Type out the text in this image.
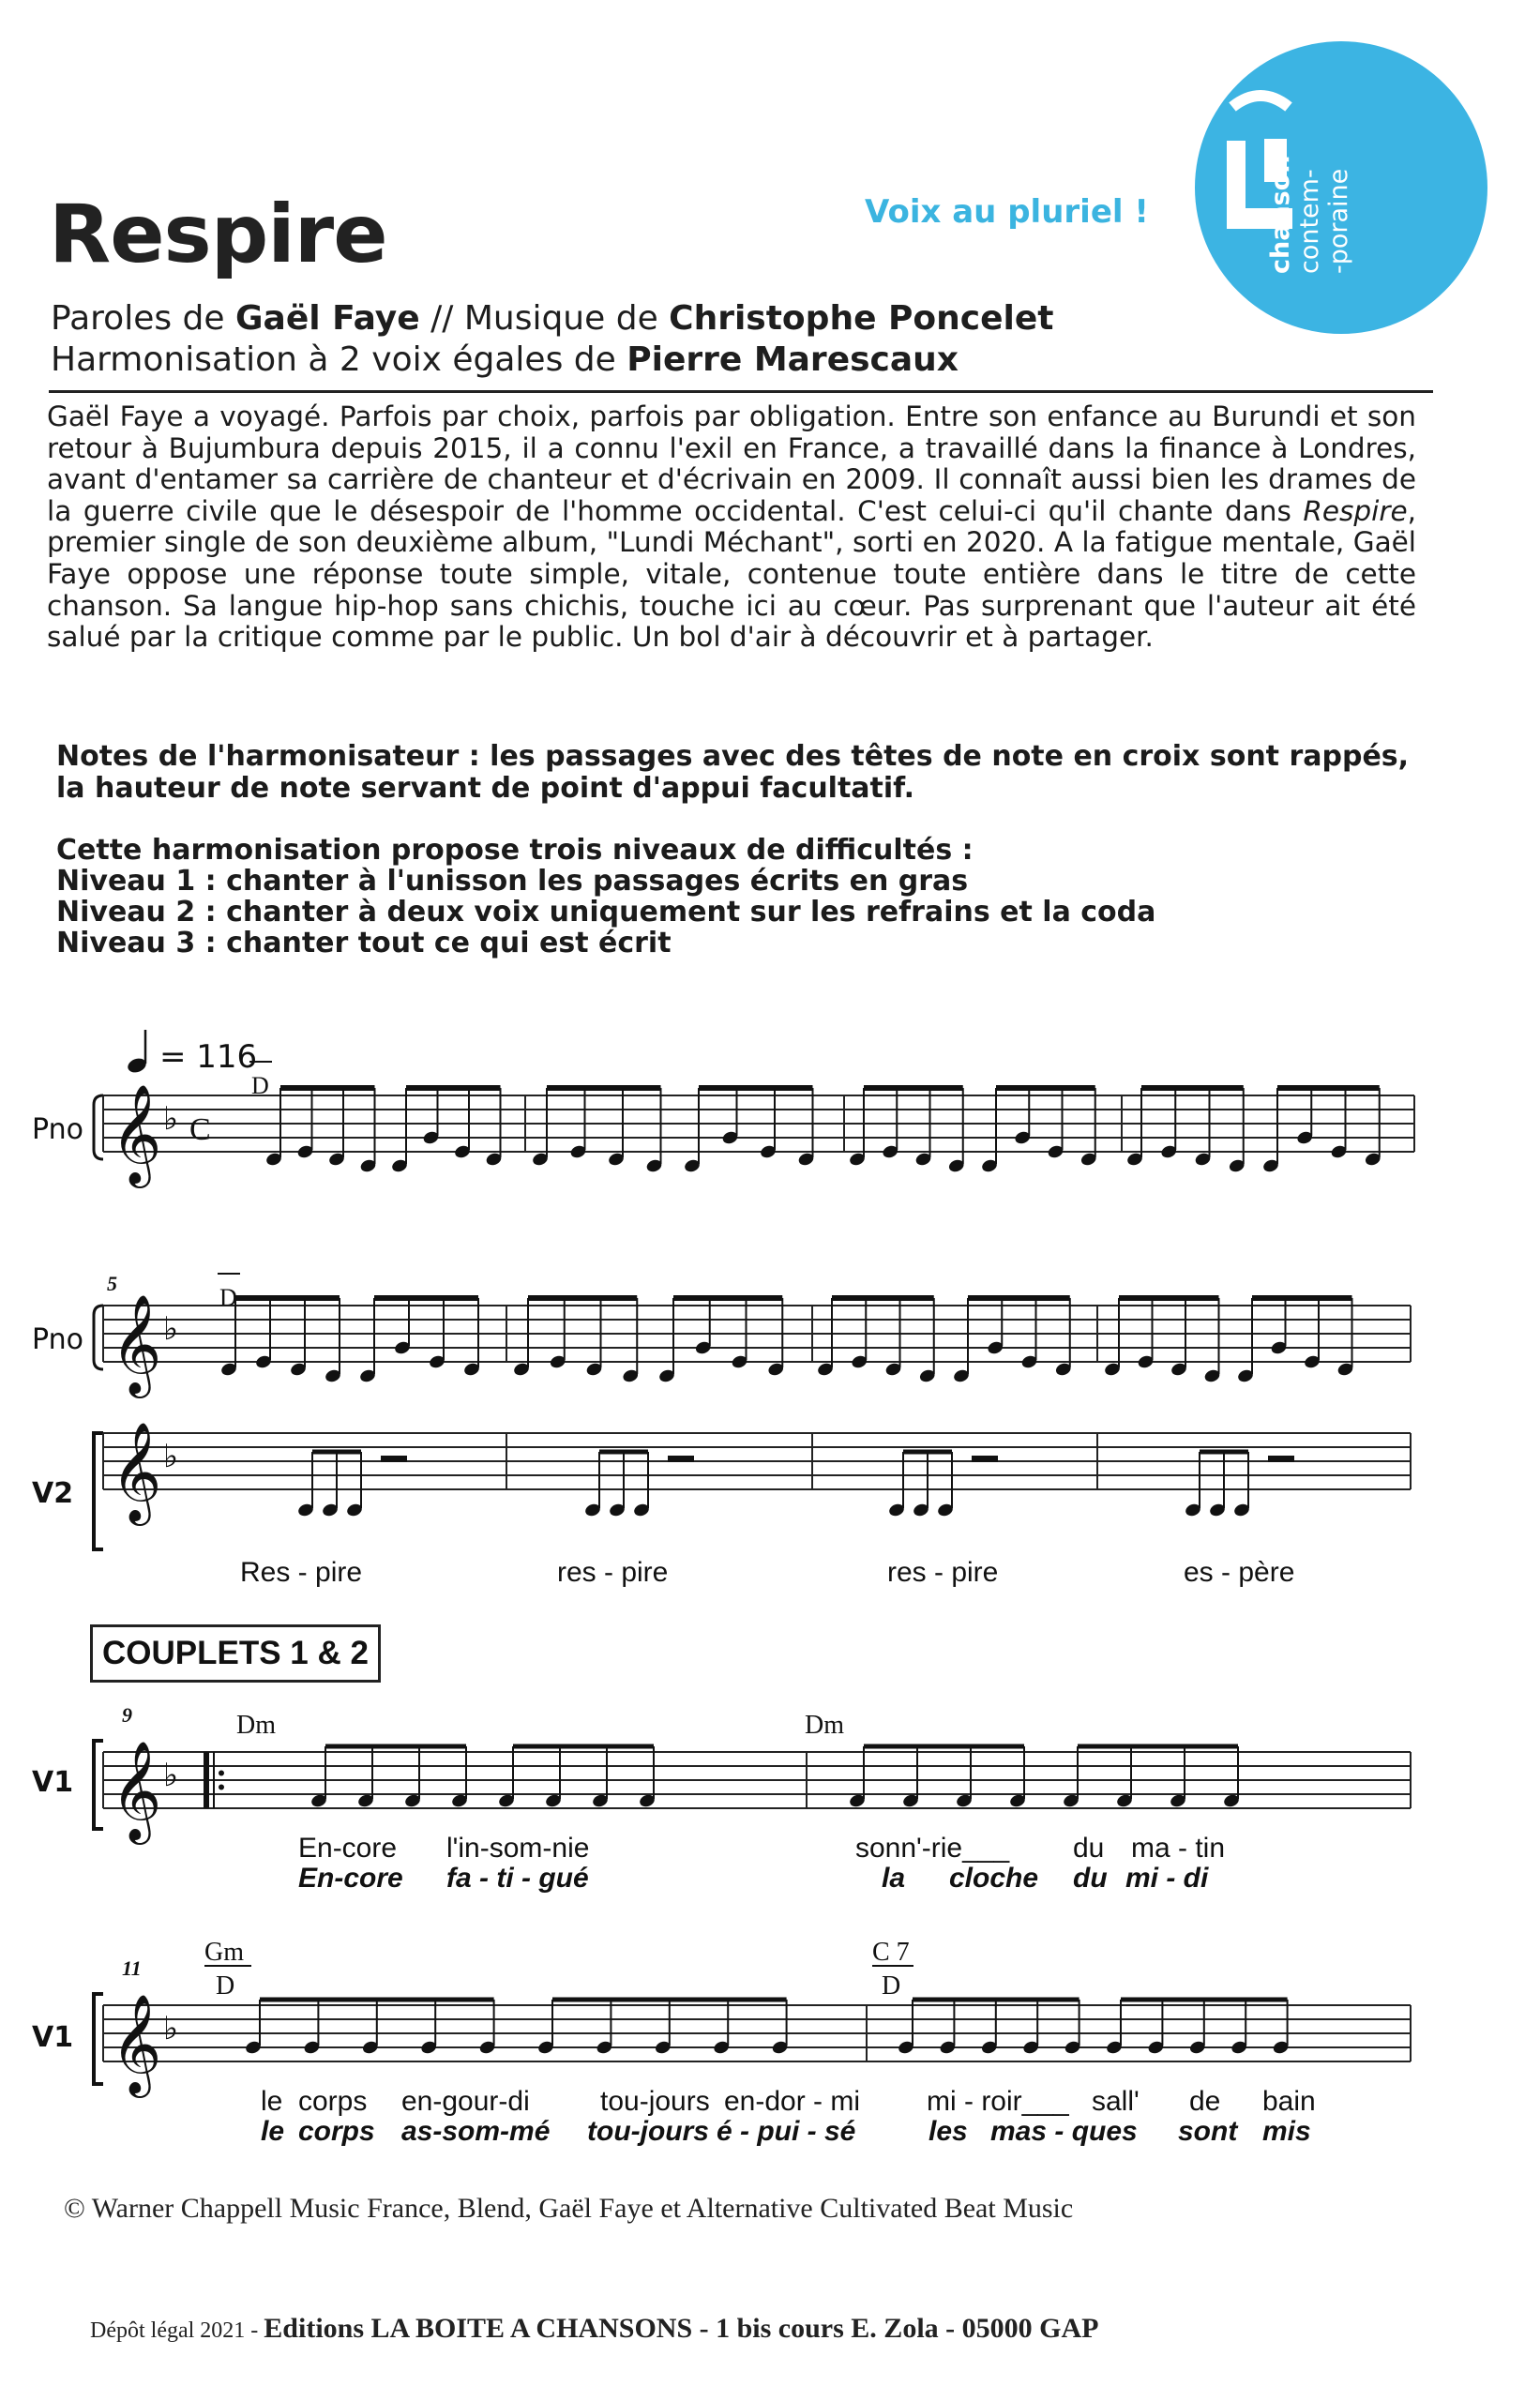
Respire	Voix au pluriel !	chanson contem- -poraine
Paroles de Gaël Faye // Musique de Christophe Poncelet
Harmonisation à 2 voix égales de Pierre Marescaux
Gaël Faye a voyagé. Parfois par choix, parfois par obligation. Entre son enfance au Burundi et son retour à Bujumbura depuis 2015, il a connu l'exil en France, a travaillé dans la finance à Londres, avant d'entamer sa carrière de chanteur et d'écrivain en 2009. Il connaît aussi bien les drames de la guerre civile que le désespoir de l'homme occidental. C'est celui-ci qu'il chante dans Respire, premier single de son deuxième album, "Lundi Méchant", sorti en 2020. A la fatigue mentale, Gaël Faye oppose une réponse toute simple, vitale, contenue toute entière dans le titre de cette chanson. Sa langue hip-hop sans chichis, touche ici au cœur. Pas surprenant que l'auteur ait été salué par la critique comme par le public. Un bol d'air à découvrir et à partager.
Notes de l'harmonisateur : les passages avec des têtes de note en croix sont rappés, la hauteur de note servant de point d'appui facultatif.
Cette harmonisation propose trois niveaux de difficultés :
Niveau 1 : chanter à l'unisson les passages écrits en gras
Niveau 2 : chanter à deux voix uniquement sur les refrains et la coda
Niveau 3 : chanter tout ce qui est écrit
= 116
Pno 𝄞 ♭ C
D
5
Pno 𝄞 ♭
D
V2 𝄞 ♭
Res - pire	res - pire	res - pire	es - père
9
V1 𝄞 ♭
Dm	Dm
En-core l'in-som-nie	sonn'-rie___ du ma - tin
En-core fa - ti - gué	la cloche du mi - di
11
V1 𝄞 ♭
Gm
D
C 7
D
le corps en-gour-di	tou-jours en-dor - mi mi - roir___ sall' de bain
le corps as-som-mé tou-jours é - pui - sé	les mas - ques sont mis
COUPLETS 1 & 2
© Warner Chappell Music France, Blend, Gaël Faye et Alternative Cultivated Beat Music
Dépôt légal 2021 - Editions LA BOITE A CHANSONS - 1 bis cours E. Zola - 05000 GAP
